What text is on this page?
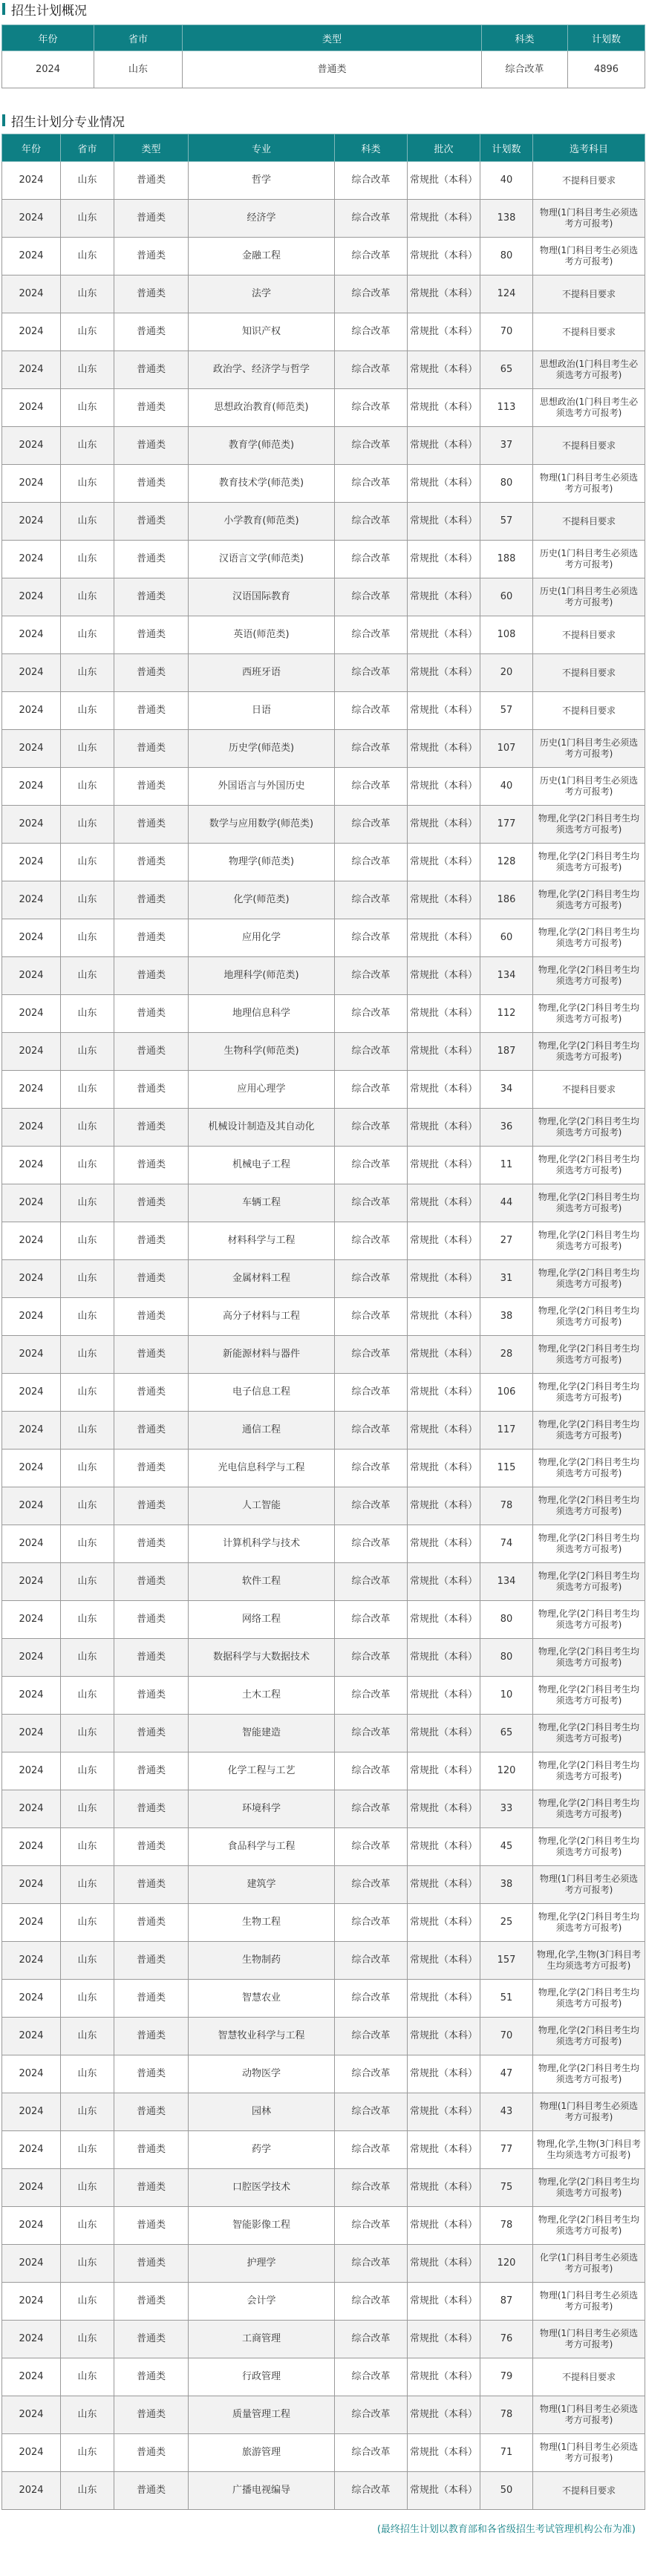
招生计划概况
年份	省市	类型	科类	计划数
2024	山东	普通类	综合改革	4896
招生计划分专业情况
年份	省市	类型	专业	科类	批次	计划数	选考科目
2024	山东	普通类	哲学	综合改革	常规批（本科）	40	不提科目要求
2024	山东	普通类	经济学	综合改革	常规批（本科）	138	物理(1门科目考生必须选考方可报考)
2024	山东	普通类	金融工程	综合改革	常规批（本科）	80	物理(1门科目考生必须选考方可报考)
2024	山东	普通类	法学	综合改革	常规批（本科）	124	不提科目要求
2024	山东	普通类	知识产权	综合改革	常规批（本科）	70	不提科目要求
2024	山东	普通类	政治学、经济学与哲学	综合改革	常规批（本科）	65	思想政治(1门科目考生必须选考方可报考)
2024	山东	普通类	思想政治教育(师范类)	综合改革	常规批（本科）	113	思想政治(1门科目考生必须选考方可报考)
2024	山东	普通类	教育学(师范类)	综合改革	常规批（本科）	37	不提科目要求
2024	山东	普通类	教育技术学(师范类)	综合改革	常规批（本科）	80	物理(1门科目考生必须选考方可报考)
2024	山东	普通类	小学教育(师范类)	综合改革	常规批（本科）	57	不提科目要求
2024	山东	普通类	汉语言文学(师范类)	综合改革	常规批（本科）	188	历史(1门科目考生必须选考方可报考)
2024	山东	普通类	汉语国际教育	综合改革	常规批（本科）	60	历史(1门科目考生必须选考方可报考)
2024	山东	普通类	英语(师范类)	综合改革	常规批（本科）	108	不提科目要求
2024	山东	普通类	西班牙语	综合改革	常规批（本科）	20	不提科目要求
2024	山东	普通类	日语	综合改革	常规批（本科）	57	不提科目要求
2024	山东	普通类	历史学(师范类)	综合改革	常规批（本科）	107	历史(1门科目考生必须选考方可报考)
2024	山东	普通类	外国语言与外国历史	综合改革	常规批（本科）	40	历史(1门科目考生必须选考方可报考)
2024	山东	普通类	数学与应用数学(师范类)	综合改革	常规批（本科）	177	物理,化学(2门科目考生均须选考方可报考)
2024	山东	普通类	物理学(师范类)	综合改革	常规批（本科）	128	物理,化学(2门科目考生均须选考方可报考)
2024	山东	普通类	化学(师范类)	综合改革	常规批（本科）	186	物理,化学(2门科目考生均须选考方可报考)
2024	山东	普通类	应用化学	综合改革	常规批（本科）	60	物理,化学(2门科目考生均须选考方可报考)
2024	山东	普通类	地理科学(师范类)	综合改革	常规批（本科）	134	物理,化学(2门科目考生均须选考方可报考)
2024	山东	普通类	地理信息科学	综合改革	常规批（本科）	112	物理,化学(2门科目考生均须选考方可报考)
2024	山东	普通类	生物科学(师范类)	综合改革	常规批（本科）	187	物理,化学(2门科目考生均须选考方可报考)
2024	山东	普通类	应用心理学	综合改革	常规批（本科）	34	不提科目要求
2024	山东	普通类	机械设计制造及其自动化	综合改革	常规批（本科）	36	物理,化学(2门科目考生均须选考方可报考)
2024	山东	普通类	机械电子工程	综合改革	常规批（本科）	11	物理,化学(2门科目考生均须选考方可报考)
2024	山东	普通类	车辆工程	综合改革	常规批（本科）	44	物理,化学(2门科目考生均须选考方可报考)
2024	山东	普通类	材料科学与工程	综合改革	常规批（本科）	27	物理,化学(2门科目考生均须选考方可报考)
2024	山东	普通类	金属材料工程	综合改革	常规批（本科）	31	物理,化学(2门科目考生均须选考方可报考)
2024	山东	普通类	高分子材料与工程	综合改革	常规批（本科）	38	物理,化学(2门科目考生均须选考方可报考)
2024	山东	普通类	新能源材料与器件	综合改革	常规批（本科）	28	物理,化学(2门科目考生均须选考方可报考)
2024	山东	普通类	电子信息工程	综合改革	常规批（本科）	106	物理,化学(2门科目考生均须选考方可报考)
2024	山东	普通类	通信工程	综合改革	常规批（本科）	117	物理,化学(2门科目考生均须选考方可报考)
2024	山东	普通类	光电信息科学与工程	综合改革	常规批（本科）	115	物理,化学(2门科目考生均须选考方可报考)
2024	山东	普通类	人工智能	综合改革	常规批（本科）	78	物理,化学(2门科目考生均须选考方可报考)
2024	山东	普通类	计算机科学与技术	综合改革	常规批（本科）	74	物理,化学(2门科目考生均须选考方可报考)
2024	山东	普通类	软件工程	综合改革	常规批（本科）	134	物理,化学(2门科目考生均须选考方可报考)
2024	山东	普通类	网络工程	综合改革	常规批（本科）	80	物理,化学(2门科目考生均须选考方可报考)
2024	山东	普通类	数据科学与大数据技术	综合改革	常规批（本科）	80	物理,化学(2门科目考生均须选考方可报考)
2024	山东	普通类	土木工程	综合改革	常规批（本科）	10	物理,化学(2门科目考生均须选考方可报考)
2024	山东	普通类	智能建造	综合改革	常规批（本科）	65	物理,化学(2门科目考生均须选考方可报考)
2024	山东	普通类	化学工程与工艺	综合改革	常规批（本科）	120	物理,化学(2门科目考生均须选考方可报考)
2024	山东	普通类	环境科学	综合改革	常规批（本科）	33	物理,化学(2门科目考生均须选考方可报考)
2024	山东	普通类	食品科学与工程	综合改革	常规批（本科）	45	物理,化学(2门科目考生均须选考方可报考)
2024	山东	普通类	建筑学	综合改革	常规批（本科）	38	物理(1门科目考生必须选考方可报考)
2024	山东	普通类	生物工程	综合改革	常规批（本科）	25	物理,化学(2门科目考生均须选考方可报考)
2024	山东	普通类	生物制药	综合改革	常规批（本科）	157	物理,化学,生物(3门科目考生均须选考方可报考)
2024	山东	普通类	智慧农业	综合改革	常规批（本科）	51	物理,化学(2门科目考生均须选考方可报考)
2024	山东	普通类	智慧牧业科学与工程	综合改革	常规批（本科）	70	物理,化学(2门科目考生均须选考方可报考)
2024	山东	普通类	动物医学	综合改革	常规批（本科）	47	物理,化学(2门科目考生均须选考方可报考)
2024	山东	普通类	园林	综合改革	常规批（本科）	43	物理(1门科目考生必须选考方可报考)
2024	山东	普通类	药学	综合改革	常规批（本科）	77	物理,化学,生物(3门科目考生均须选考方可报考)
2024	山东	普通类	口腔医学技术	综合改革	常规批（本科）	75	物理,化学(2门科目考生均须选考方可报考)
2024	山东	普通类	智能影像工程	综合改革	常规批（本科）	78	物理,化学(2门科目考生均须选考方可报考)
2024	山东	普通类	护理学	综合改革	常规批（本科）	120	化学(1门科目考生必须选考方可报考)
2024	山东	普通类	会计学	综合改革	常规批（本科）	87	物理(1门科目考生必须选考方可报考)
2024	山东	普通类	工商管理	综合改革	常规批（本科）	76	物理(1门科目考生必须选考方可报考)
2024	山东	普通类	行政管理	综合改革	常规批（本科）	79	不提科目要求
2024	山东	普通类	质量管理工程	综合改革	常规批（本科）	78	物理(1门科目考生必须选考方可报考)
2024	山东	普通类	旅游管理	综合改革	常规批（本科）	71	物理(1门科目考生必须选考方可报考)
2024	山东	普通类	广播电视编导	综合改革	常规批（本科）	50	不提科目要求
(最终招生计划以教育部和各省级招生考试管理机构公布为准)
